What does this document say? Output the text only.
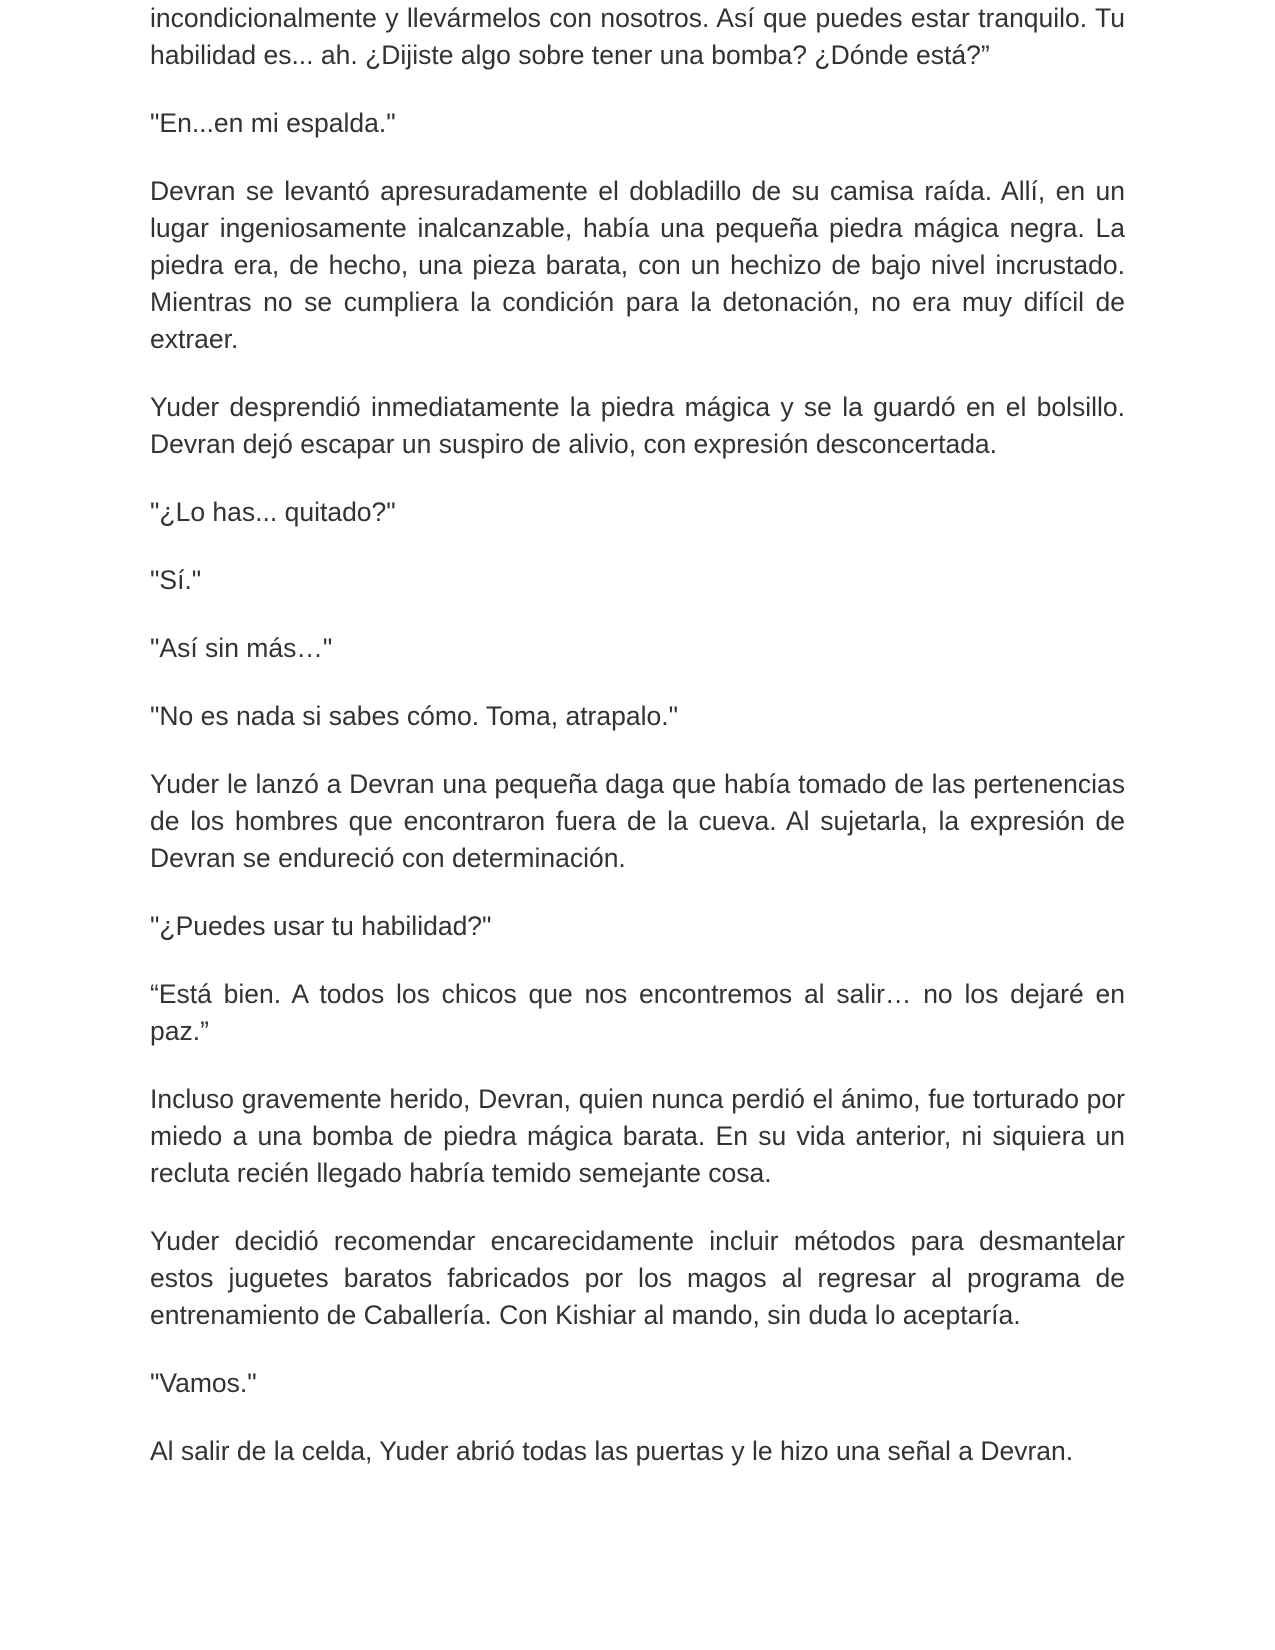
incondicionalmente y llevármelos con nosotros. Así que puedes estar tranquilo. Tu habilidad es... ah. ¿Dijiste algo sobre tener una bomba? ¿Dónde está?”

"En...en mi espalda."

Devran se levantó apresuradamente el dobladillo de su camisa raída. Allí, en un lugar ingeniosamente inalcanzable, había una pequeña piedra mágica negra. La piedra era, de hecho, una pieza barata, con un hechizo de bajo nivel incrustado. Mientras no se cumpliera la condición para la detonación, no era muy difícil de extraer.

Yuder desprendió inmediatamente la piedra mágica y se la guardó en el bolsillo. Devran dejó escapar un suspiro de alivio, con expresión desconcertada.

"¿Lo has... quitado?"

"Sí."

"Así sin más…"

"No es nada si sabes cómo. Toma, atrapalo."

Yuder le lanzó a Devran una pequeña daga que había tomado de las pertenencias de los hombres que encontraron fuera de la cueva. Al sujetarla, la expresión de Devran se endureció con determinación.

"¿Puedes usar tu habilidad?"

“Está bien. A todos los chicos que nos encontremos al salir… no los dejaré en paz.”

Incluso gravemente herido, Devran, quien nunca perdió el ánimo, fue torturado por miedo a una bomba de piedra mágica barata. En su vida anterior, ni siquiera un recluta recién llegado habría temido semejante cosa.

Yuder decidió recomendar encarecidamente incluir métodos para desmantelar estos juguetes baratos fabricados por los magos al regresar al programa de entrenamiento de Caballería. Con Kishiar al mando, sin duda lo aceptaría.

"Vamos."

Al salir de la celda, Yuder abrió todas las puertas y le hizo una señal a Devran.
